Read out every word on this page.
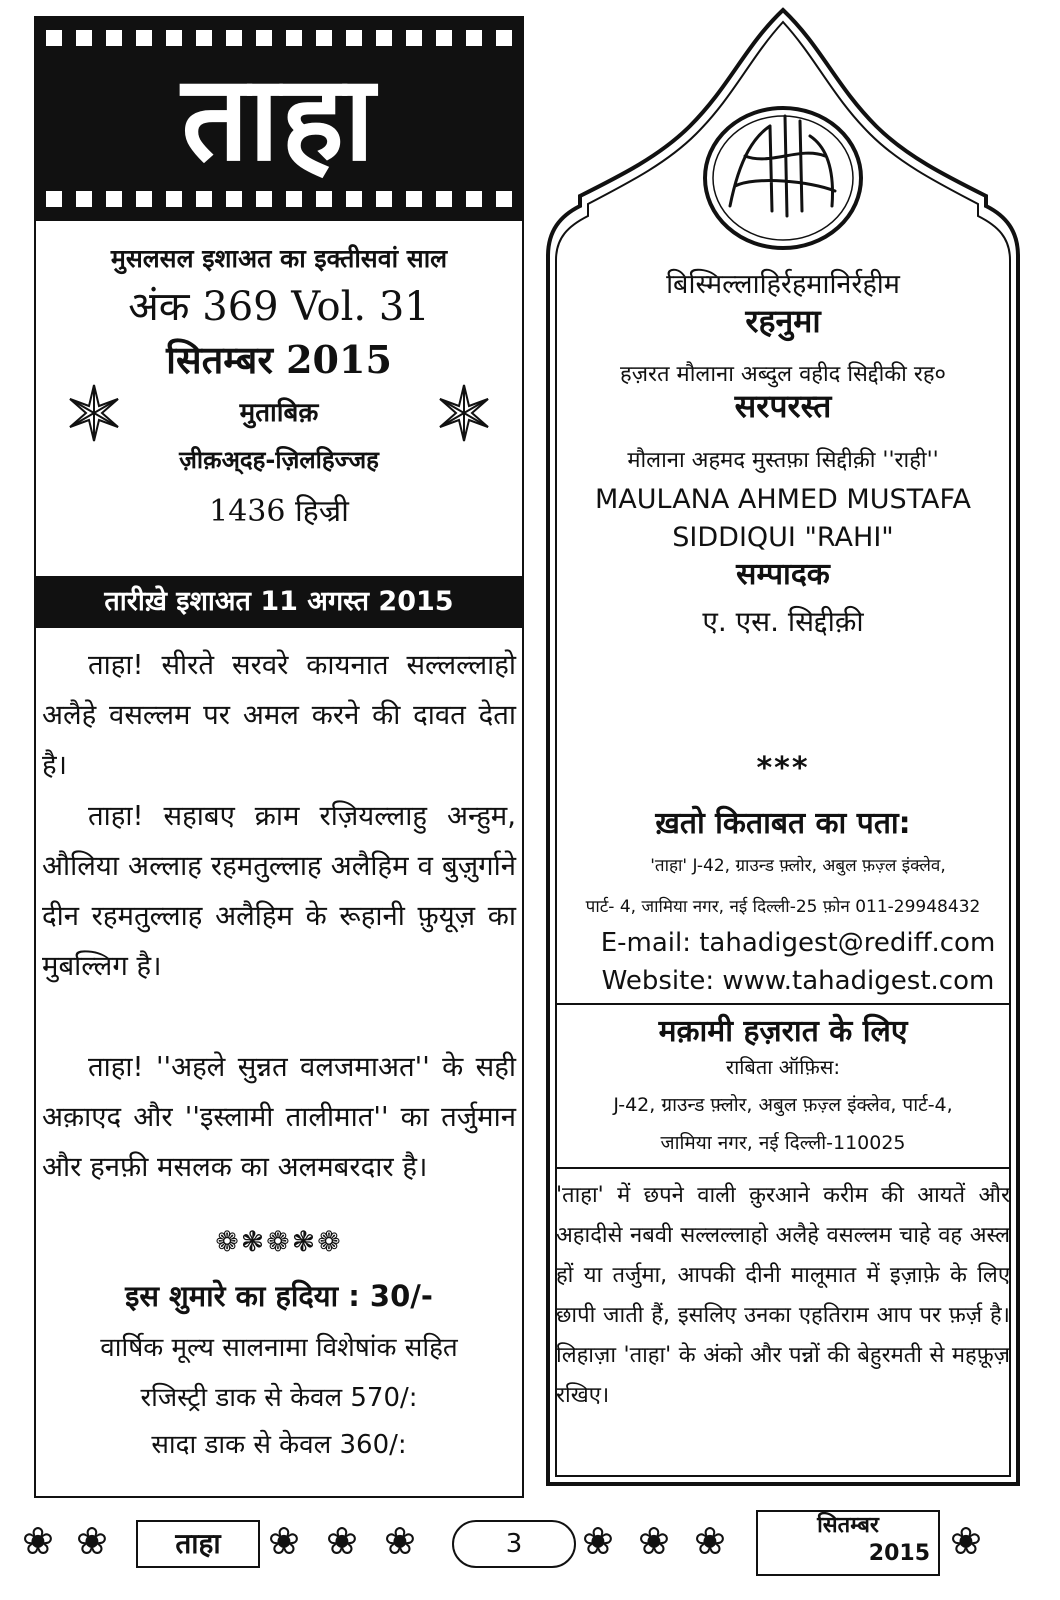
ताहा
मुसलसल इशाअत का इक्तीसवां साल
अंक 369 Vol. 31
सितम्बर 2015
मुताबिक़
ज़ीक़अ्दह-ज़िलहिज्जह
1436 हिज्री
तारीख़े इशाअत 11 अगस्त 2015

ताहा! सीरते सरवरे कायनात सल्लल्लाहो अलैहे वसल्लम पर अमल करने की दावत देता है।

ताहा! सहाबए क्राम रज़ियल्लाहु अन्हुम, औलिया अल्लाह रहमतुल्लाह अलैहिम व बुज़ुर्गाने दीन रहमतुल्लाह अलैहिम के रूहानी फ़ुयूज़ का मुबल्लिग है।

ताहा! ''अहले सुन्नत वलजमाअत'' के सही अक़ाएद और ''इस्लामी तालीमात'' का तर्जुमान और हनफ़ी मसलक का अलमबरदार है।

❁❃❁❃❁
इस शुमारे का हदिया : 30/-
वार्षिक मूल्य सालनामा विशेषांक सहित
रजिस्ट्री डाक से केवल 570/:
सादा डाक से केवल 360/:
बिस्मिल्लाहिर्रहमानिर्रहीम
रहनुमा
हज़रत मौलाना अब्दुल वहीद सिद्दीकी रह०
सरपरस्त
मौलाना अहमद मुस्तफ़ा सिद्दीक़ी ''राही''
MAULANA AHMED MUSTAFA SIDDIQUI "RAHI"
सम्पादक
ए. एस. सिद्दीक़ी
***
ख़तो किताबत का पता:
'ताहा' J-42, ग्राउन्ड फ़्लोर, अबुल फ़ज़्ल इंक्लेव,
पार्ट- 4, जामिया नगर, नई दिल्ली-25 फ़ोन 011-29948432
E-mail: tahadigest@rediff.com
Website: www.tahadigest.com
मक़ामी हज़रात के लिए
राबिता ऑफ़िस:
J-42, ग्राउन्ड फ़्लोर, अबुल फ़ज़्ल इंक्लेव, पार्ट-4,
जामिया नगर, नई दिल्ली-110025
'ताहा' में छपने वाली क़ुरआने करीम की आयतें और अहादीसे नबवी सल्लल्लाहो अलैहे वसल्लम चाहे वह अस्ल हों या तर्जुमा, आपकी दीनी मालूमात में इज़ाफ़े के लिए छापी जाती हैं, इसलिए उनका एहतिराम आप पर फ़र्ज़ है। लिहाज़ा 'ताहा' के अंको और पन्नों की बेहुरमती से महफ़ूज़ रखिए।
❀ ❀	ताहा	❀ ❀ ❀	3	❀ ❀ ❀	सितम्बर
2015 ❀
